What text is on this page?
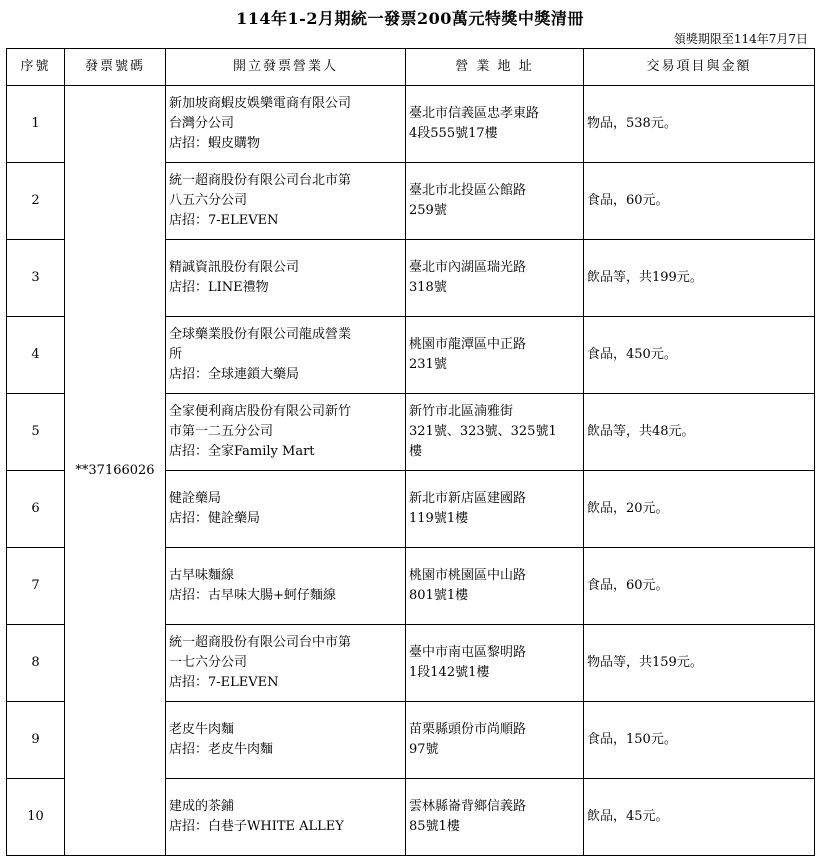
114年1-2月期統一發票200萬元特獎中獎清冊
領獎期限至114年7月7日
序號	發票號碼	開立發票營業人	營 業 地 址	交易項目與金額
1	**37166026	新加坡商蝦皮娛樂電商有限公司
台灣分公司
店招：蝦皮購物	臺北市信義區忠孝東路
4段555號17樓	物品，538元。
2		統一超商股份有限公司台北市第
八五六分公司
店招：7-ELEVEN	臺北市北投區公館路
259號	食品，60元。
3		精誠資訊股份有限公司
店招：LINE禮物	臺北市內湖區瑞光路
318號	飲品等，共199元。
4		全球藥業股份有限公司龍成營業
所
店招：全球連鎖大藥局	桃園市龍潭區中正路
231號	食品，450元。
5		全家便利商店股份有限公司新竹
市第一二五分公司
店招：全家Family Mart	新竹市北區湳雅街
321號、323號、325號1
樓	飲品等，共48元。
6		健詮藥局
店招：健詮藥局	新北市新店區建國路
119號1樓	飲品，20元。
7		古早味麵線
店招：古早味大腸+蚵仔麵線	桃園市桃園區中山路
801號1樓	食品，60元。
8		統一超商股份有限公司台中市第
一七六分公司
店招：7-ELEVEN	臺中市南屯區黎明路
1段142號1樓	物品等，共159元。
9		老皮牛肉麵
店招：老皮牛肉麵	苗栗縣頭份市尚順路
97號	食品，150元。
10		建成的茶鋪
店招：白巷子WHITE ALLEY	雲林縣崙背鄉信義路
85號1樓	飲品，45元。
